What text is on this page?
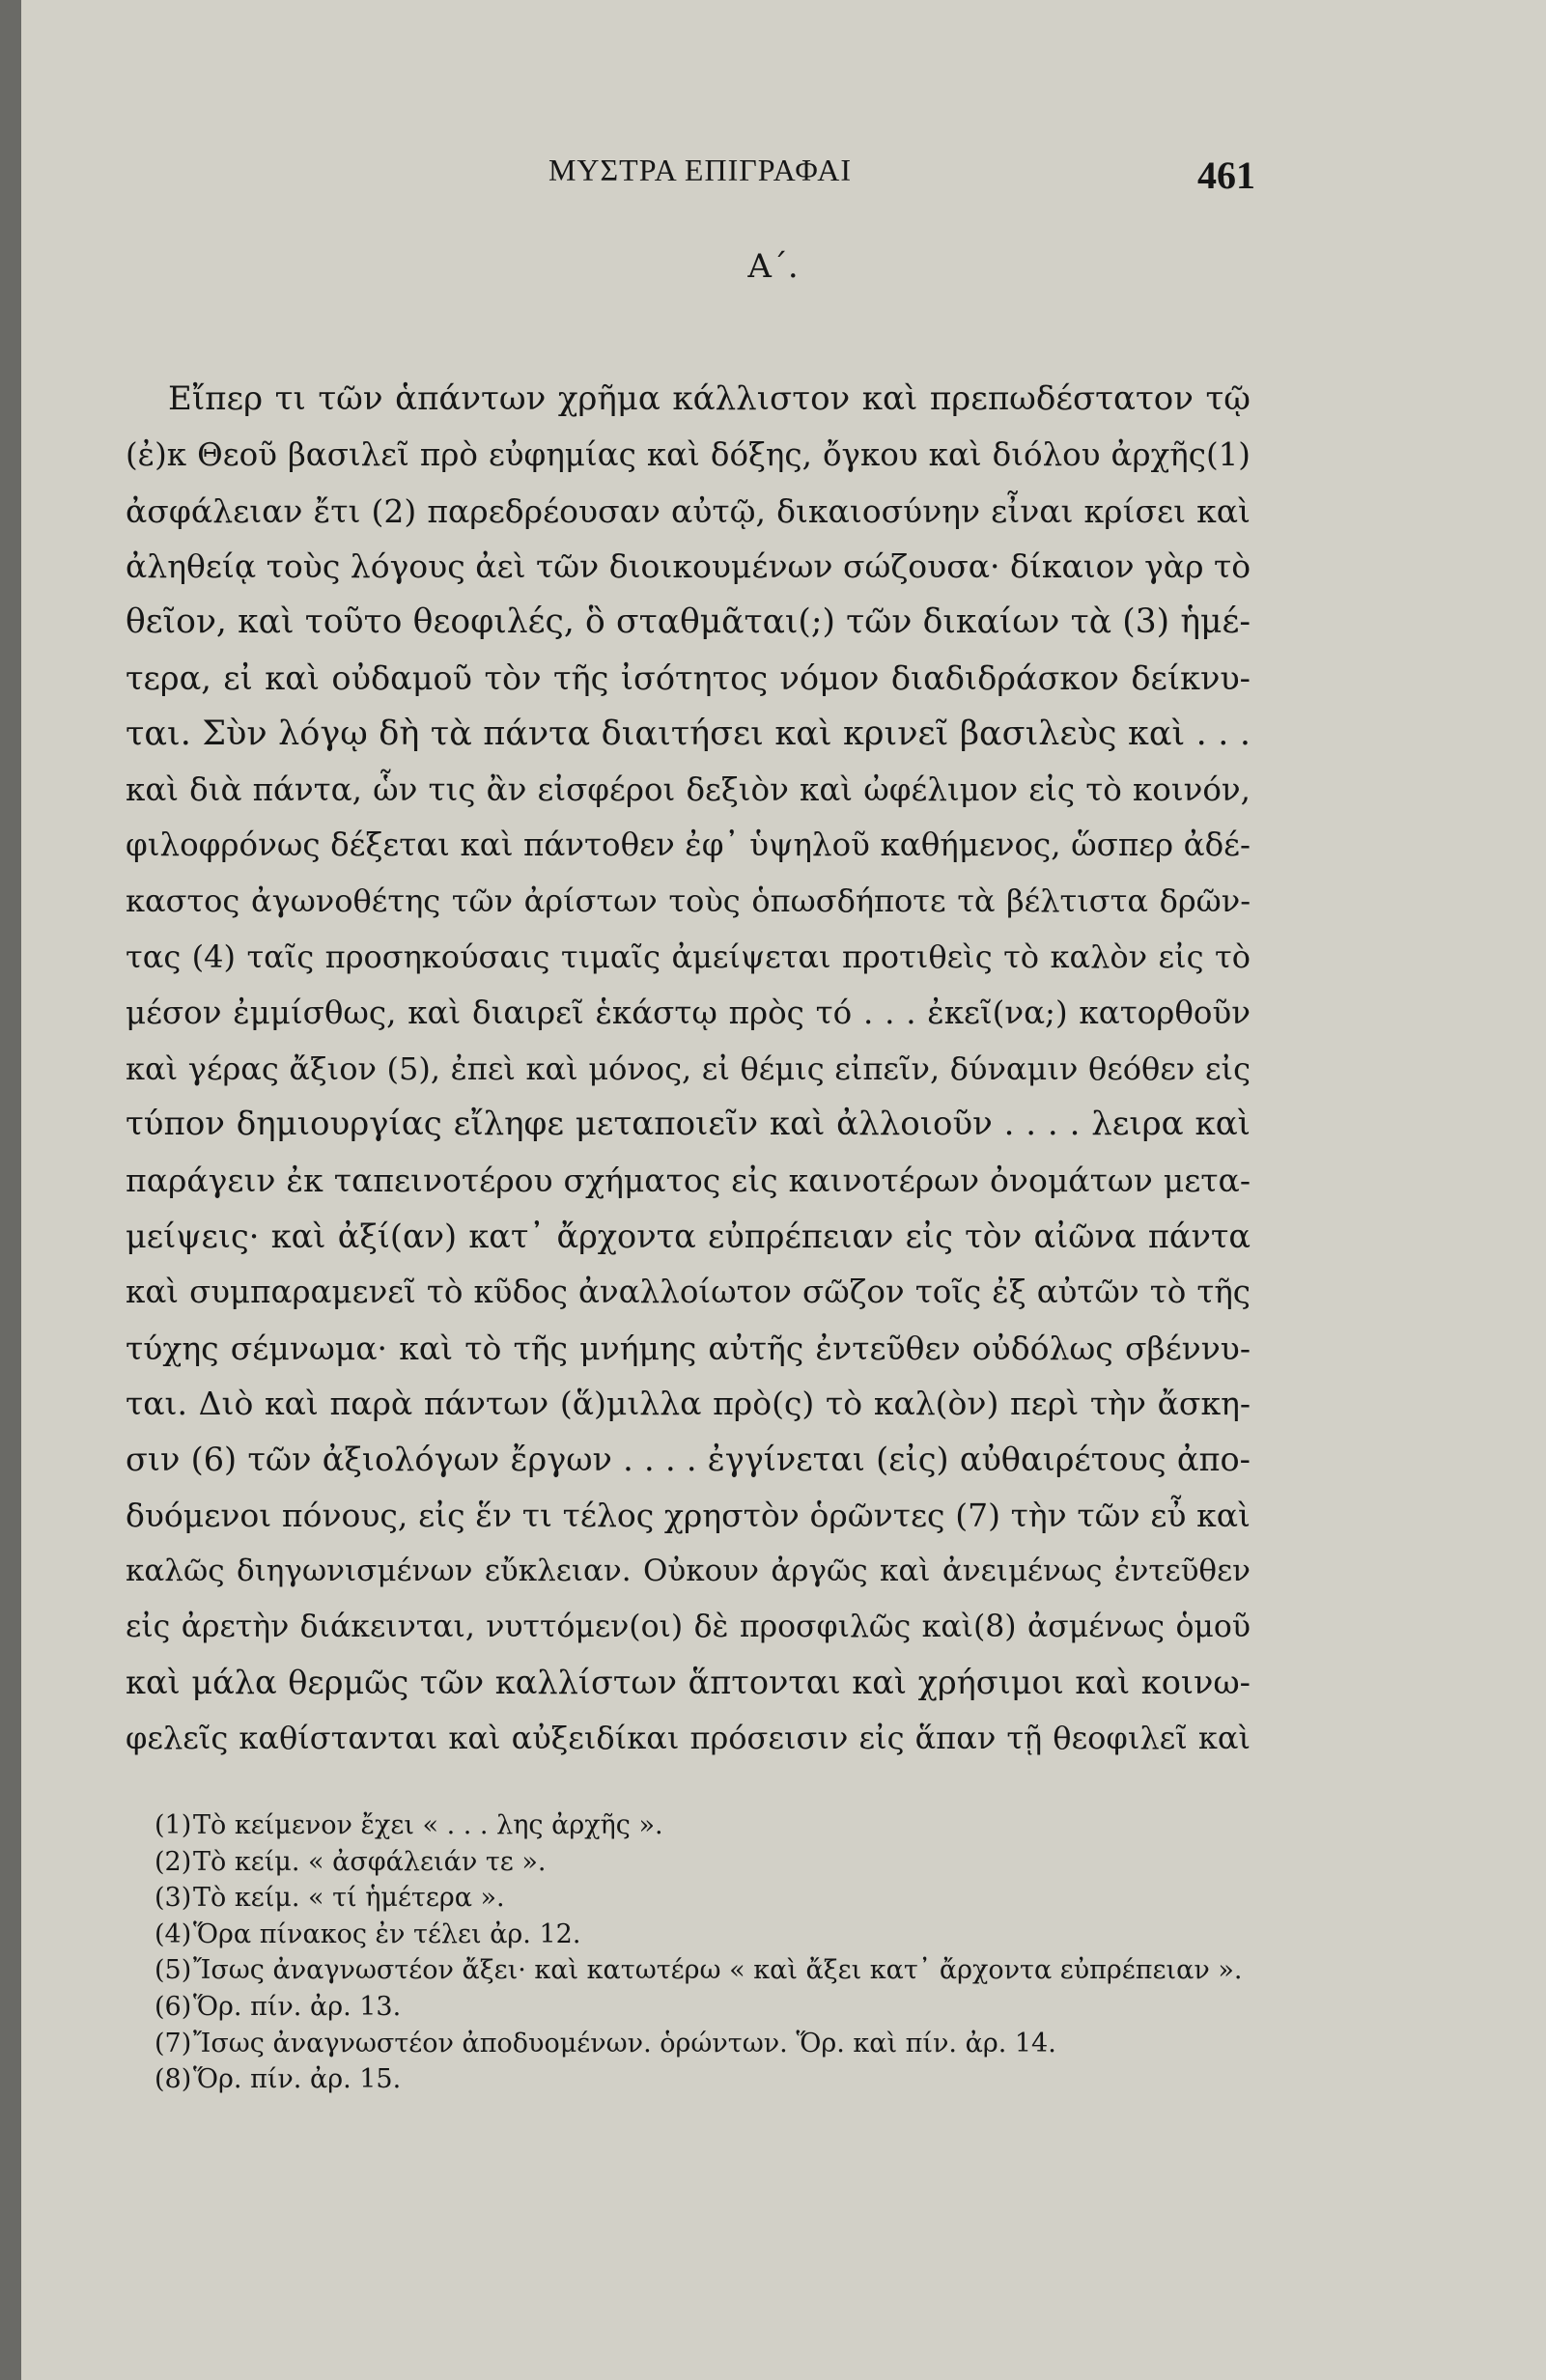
ΜΥΣΤΡΑ ΕΠΙΓΡΑΦΑΙ	461
Α΄.
Εἴπερ τι τῶν ἁπάντων χρῆμα κάλλιστον καὶ πρεπωδέστατον τῷ
(ἐ)κ Θεοῦ βασιλεῖ πρὸ εὐφημίας καὶ δόξης, ὄγκου καὶ διόλου ἀρχῆς(1)
ἀσφάλειαν ἔτι (2) παρεδρέουσαν αὐτῷ, δικαιοσύνην εἶναι κρίσει καὶ
ἀληθείᾳ τοὺς λόγους ἀεὶ τῶν διοικουμένων σώζουσα· δίκαιον γὰρ τὸ
θεῖον, καὶ τοῦτο θεοφιλές, ὃ σταθμᾶται(;) τῶν δικαίων τὰ (3) ἡμέ-
τερα, εἰ καὶ οὐδαμοῦ τὸν τῆς ἰσότητος νόμον διαδιδράσκον δείκνυ-
ται. Σὺν λόγῳ δὴ τὰ πάντα διαιτήσει καὶ κρινεῖ βασιλεὺς καὶ . . .
καὶ διὰ πάντα, ὧν τις ἂν εἰσφέροι δεξιὸν καὶ ὠφέλιμον εἰς τὸ κοινόν,
φιλοφρόνως δέξεται καὶ πάντοθεν ἐφ᾽ ὑψηλοῦ καθήμενος, ὥσπερ ἀδέ-
καστος ἀγωνοθέτης τῶν ἀρίστων τοὺς ὁπωσδήποτε τὰ βέλτιστα δρῶν-
τας (4) ταῖς προσηκούσαις τιμαῖς ἀμείψεται προτιθεὶς τὸ καλὸν εἰς τὸ
μέσον ἐμμίσθως, καὶ διαιρεῖ ἑκάστῳ πρὸς τό . . . ἐκεῖ(να;) κατορθοῦν
καὶ γέρας ἄξιον (5), ἐπεὶ καὶ μόνος, εἰ θέμις εἰπεῖν, δύναμιν θεόθεν εἰς
τύπον δημιουργίας εἴληφε μεταποιεῖν καὶ ἀλλοιοῦν . . . . λειρα καὶ
παράγειν ἐκ ταπεινοτέρου σχήματος εἰς καινοτέρων ὀνομάτων μετα-
μείψεις· καὶ ἀξί(αν) κατ᾽ ἄρχοντα εὐπρέπειαν εἰς τὸν αἰῶνα πάντα
καὶ συμπαραμενεῖ τὸ κῦδος ἀναλλοίωτον σῶζον τοῖς ἐξ αὐτῶν τὸ τῆς
τύχης σέμνωμα· καὶ τὸ τῆς μνήμης αὐτῆς ἐντεῦθεν οὐδόλως σβέννυ-
ται. Διὸ καὶ παρὰ πάντων (ἅ)μιλλα πρὸ(ς) τὸ καλ(ὸν) περὶ τὴν ἄσκη-
σιν (6) τῶν ἀξιολόγων ἔργων . . . . ἐγγίνεται (εἰς) αὐθαιρέτους ἀπο-
δυόμενοι πόνους, εἰς ἕν τι τέλος χρηστὸν ὁρῶντες (7) τὴν τῶν εὖ καὶ
καλῶς διηγωνισμένων εὔκλειαν. Οὐκουν ἀργῶς καὶ ἀνειμένως ἐντεῦθεν
εἰς ἀρετὴν διάκεινται, νυττόμεν(οι) δὲ προσφιλῶς καὶ(8) ἀσμένως ὁμοῦ
καὶ μάλα θερμῶς τῶν καλλίστων ἅπτονται καὶ χρήσιμοι καὶ κοινω-
φελεῖς καθίστανται καὶ αὐξειδίκαι πρόσεισιν εἰς ἅπαν τῇ θεοφιλεῖ καὶ
(1) Τὸ κείμενον ἔχει « . . . λης ἀρχῆς ».
(2) Τὸ κείμ. « ἀσφάλειάν τε ».
(3) Τὸ κείμ. « τί ἡμέτερα ».
(4) Ὅρα πίνακος ἐν τέλει ἀρ. 12.
(5) Ἴσως ἀναγνωστέον ἄξει· καὶ κατωτέρω « καὶ ἄξει κατ᾽ ἄρχοντα εὐπρέπειαν ».
(6) Ὅρ. πίν. ἀρ. 13.
(7) Ἴσως ἀναγνωστέον ἀποδυομένων. ὁρώντων. Ὅρ. καὶ πίν. ἀρ. 14.
(8) Ὅρ. πίν. ἀρ. 15.
